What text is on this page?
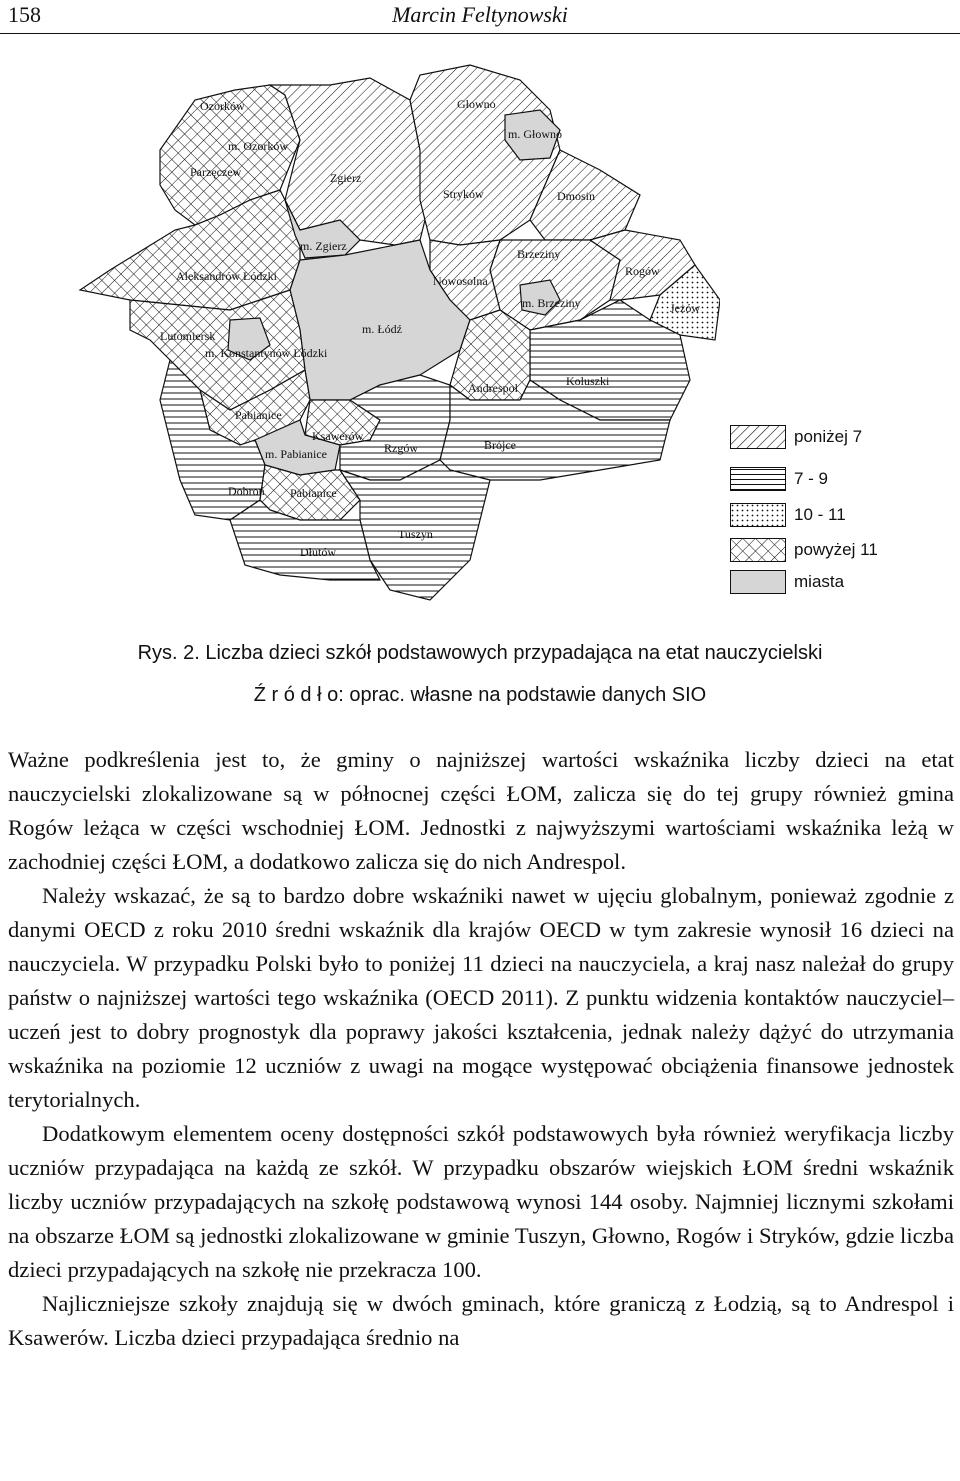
158	Marcin Feltynowski
Ozorków
m. Ozorków
Parzęczew	Zgierz
Głowno
m. Głowno
Stryków	Dmosin
m. Zgierz
Brzeziny
Aleksandrów Łódzki	Nowosolna
Rogów
m. Brzeziny	Jeżów
Lutomiersk	m. Łódź
m. Konstantynów Łódzki
Koluszki
Andrespol
Pabianice
Ksawerów
m. Pabianice	Rzgów	Brójce
Dobroń Pabianice
Tuszyn
Dłutów
poniżej 7
7 - 9
10 - 11
powyżej 11
miasta
Rys. 2. Liczba dzieci szkół podstawowych przypadająca na etat nauczycielski
Ź r ó d ł o: oprac. własne na podstawie danych SIO

Ważne podkreślenia jest to, że gminy o najniższej wartości wskaźnika liczby dzieci na etat nauczycielski zlokalizowane są w północnej części ŁOM, zalicza się do tej grupy również gmina Rogów leżąca w części wschodniej ŁOM. Jednostki z najwyższymi wartościami wskaźnika leżą w zachodniej części ŁOM, a dodatkowo zalicza się do nich Andrespol.

Należy wskazać, że są to bardzo dobre wskaźniki nawet w ujęciu globalnym, ponieważ zgodnie z danymi OECD z roku 2010 średni wskaźnik dla krajów OECD w tym zakresie wynosił 16 dzieci na nauczyciela. W przypadku Polski było to poniżej 11 dzieci na nauczyciela, a kraj nasz należał do grupy państw o najniższej wartości tego wskaźnika (OECD 2011). Z punktu widzenia kontaktów nauczyciel–uczeń jest to dobry prognostyk dla poprawy jakości kształcenia, jednak należy dążyć do utrzymania wskaźnika na poziomie 12 uczniów z uwagi na mogące występować obciążenia finansowe jednostek terytorialnych.

Dodatkowym elementem oceny dostępności szkół podstawowych była również weryfikacja liczby uczniów przypadająca na każdą ze szkół. W przypadku obszarów wiejskich ŁOM średni wskaźnik liczby uczniów przypadających na szkołę podstawową wynosi 144 osoby. Najmniej licznymi szkołami na obszarze ŁOM są jednostki zlokalizowane w gminie Tuszyn, Głowno, Rogów i Stryków, gdzie liczba dzieci przypadających na szkołę nie przekracza 100.

Najliczniejsze szkoły znajdują się w dwóch gminach, które graniczą z Łodzią, są to Andrespol i Ksawerów. Liczba dzieci przypadająca średnio na
